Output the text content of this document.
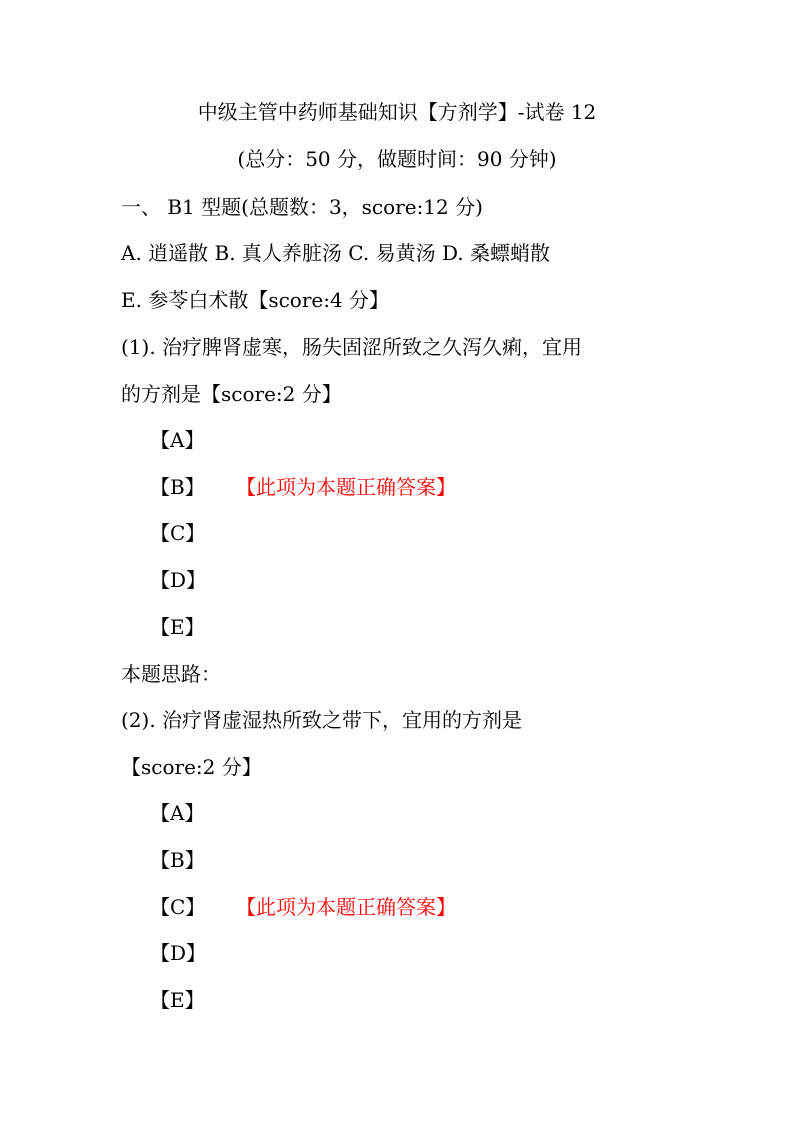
中级主管中药师基础知识【方剂学】-试卷 12
(总分：50 分，做题时间：90 分钟)
一、 B1 型题(总题数：3，score:12 分)
A. 逍遥散 B. 真人养脏汤 C. 易黄汤 D. 桑螵蛸散
E. 参苓白术散【score:4 分】
(1). 治疗脾肾虚寒，肠失固涩所致之久泻久痢，宜用
的方剂是【score:2 分】
【A】
【B】 【此项为本题正确答案】
【C】
【D】
【E】
本题思路：
(2). 治疗肾虚湿热所致之带下，宜用的方剂是
【score:2 分】
【A】
【B】
【C】 【此项为本题正确答案】
【D】
【E】
